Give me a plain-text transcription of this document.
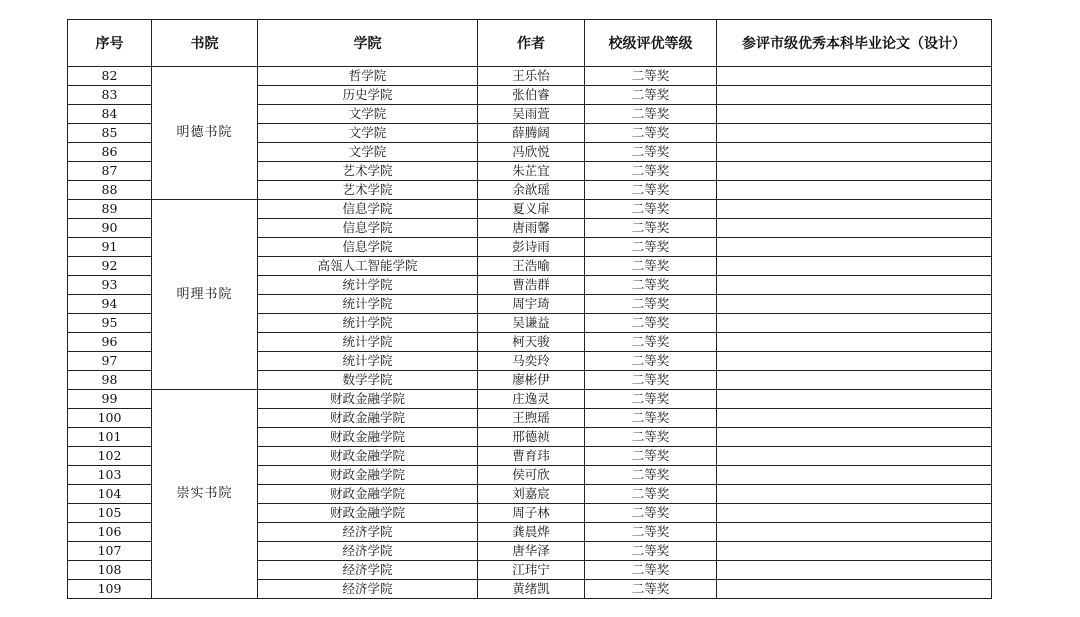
序号	书院	学院	作者	校级评优等级	参评市级优秀本科毕业论文（设计）
82	明德书院	哲学院	王乐怡	二等奖	
83		历史学院	张伯睿	二等奖	
84		文学院	吴雨萱	二等奖	
85		文学院	薛腾阔	二等奖	
86		文学院	冯欣悦	二等奖	
87		艺术学院	朱芷宜	二等奖	
88		艺术学院	余歆瑶	二等奖	
89	明理书院	信息学院	夏义扉	二等奖	
90		信息学院	唐雨馨	二等奖	
91		信息学院	彭诗雨	二等奖	
92		高瓴人工智能学院	王浩喻	二等奖	
93		统计学院	曹浩群	二等奖	
94		统计学院	周宇琦	二等奖	
95		统计学院	吴谦益	二等奖	
96		统计学院	柯天骏	二等奖	
97		统计学院	马奕玲	二等奖	
98		数学学院	廖彬伊	二等奖	
99	崇实书院	财政金融学院	庄逸灵	二等奖	
100		财政金融学院	王煦瑶	二等奖	
101		财政金融学院	邢德祯	二等奖	
102		财政金融学院	曹育玮	二等奖	
103		财政金融学院	侯可欣	二等奖	
104		财政金融学院	刘嘉宸	二等奖	
105		财政金融学院	周子林	二等奖	
106		经济学院	龚晨烨	二等奖	
107		经济学院	唐华泽	二等奖	
108		经济学院	江玮宁	二等奖	
109		经济学院	黄绪凯	二等奖	
